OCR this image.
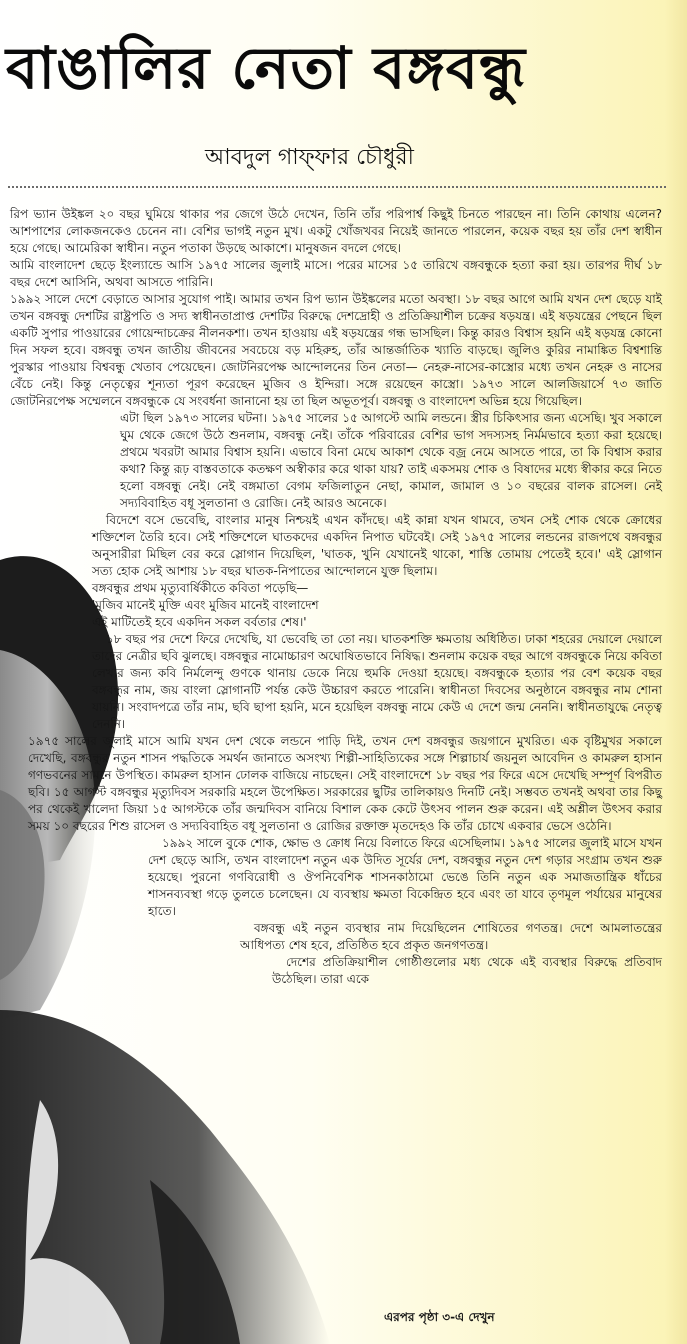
বাঙালির নেতা বঙ্গবন্ধু
আবদুল গাফ্‌ফার চৌধুরী

রিপ ভ্যান উইঙ্কল ২০ বছর ঘুমিয়ে থাকার পর জেগে উঠে দেখেন, তিনি তাঁর পরিপার্শ্ব কিছুই চিনতে পারছেন না। তিনি কোথায় এলেন? আশপাশের লোকজনকেও চেনেন না। বেশির ভাগই নতুন মুখ। একটু খোঁজখবর নিয়েই জানতে পারলেন, কয়েক বছর হয় তাঁর দেশ স্বাধীন হয়ে গেছে। আমেরিকা স্বাধীন। নতুন পতাকা উড়ছে আকাশে। মানুষজন বদলে গেছে।

আমি বাংলাদেশ ছেড়ে ইংল্যান্ডে আসি ১৯৭৫ সালের জুলাই মাসে। পরের মাসের ১৫ তারিখে বঙ্গবন্ধুকে হত্যা করা হয়। তারপর দীর্ঘ ১৮ বছর দেশে আসিনি, অথবা আসতে পারিনি।

১৯৯২ সালে দেশে বেড়াতে আসার সুযোগ পাই। আমার তখন রিপ ভ্যান উইঙ্কলের মতো অবস্থা। ১৮ বছর আগে আমি যখন দেশ ছেড়ে যাই তখন বঙ্গবন্ধু দেশটির রাষ্ট্রপতি ও সদ্য স্বাধীনতাপ্রাপ্ত দেশটির বিরুদ্ধে দেশদ্রোহী ও প্রতিক্রিয়াশীল চক্রের ষড়যন্ত্র। এই ষড়যন্ত্রের পেছনে ছিল একটি সুপার পাওয়ারের গোয়েন্দাচক্রের নীলনকশা। তখন হাওয়ায় এই ষড়যন্ত্রের গন্ধ ভাসছিল। কিন্তু কারও বিশ্বাস হয়নি এই ষড়যন্ত্র কোনো দিন সফল হবে। বঙ্গবন্ধু তখন জাতীয় জীবনের সবচেয়ে বড় মহিরুহ, তাঁর আন্তর্জাতিক খ্যাতি বাড়ছে। জুলিও কুরির নামাঙ্কিত বিশ্বশান্তি পুরস্কার পাওয়ায় বিশ্ববন্ধু খেতাব পেয়েছেন। জোটনিরপেক্ষ আন্দোলনের তিন নেতা— নেহরু-নাসের-কাস্ত্রোর মধ্যে তখন নেহরু ও নাসের বেঁচে নেই। কিন্তু নেতৃত্বের শূন্যতা পূরণ করেছেন মুজিব ও ইন্দিরা। সঙ্গে রয়েছেন কাস্ত্রো। ১৯৭৩ সালে আলজিয়ার্সে ৭৩ জাতি জোটনিরপেক্ষ সম্মেলনে বঙ্গবন্ধুকে যে সংবর্ধনা জানানো হয় তা ছিল অভূতপূর্ব। বঙ্গবন্ধু ও বাংলাদেশ অভিন্ন হয়ে গিয়েছিল।

এটা ছিল ১৯৭৩ সালের ঘটনা। ১৯৭৫ সালের ১৫ আগস্টে আমি লন্ডনে। স্ত্রীর চিকিৎসার জন্য এসেছি। খুব সকালে ঘুম থেকে জেগে উঠে শুনলাম, বঙ্গবন্ধু নেই। তাঁকে পরিবারের বেশির ভাগ সদস্যসহ নির্মমভাবে হত্যা করা হয়েছে। প্রথমে খবরটা আমার বিশ্বাস হয়নি। এভাবে বিনা মেঘে আকাশ থেকে বজ্র নেমে আসতে পারে, তা কি বিশ্বাস করার কথা? কিন্তু রূঢ় বাস্তবতাকে কতক্ষণ অস্বীকার করে থাকা যায়? তাই একসময় শোক ও বিষাদের মধ্যে স্বীকার করে নিতে হলো বঙ্গবন্ধু নেই। নেই বঙ্গমাতা বেগম ফজিলাতুন নেছা, কামাল, জামাল ও ১০ বছরের বালক রাসেল। নেই সদ্যবিবাহিত বধূ সুলতানা ও রোজি। নেই আরও অনেকে।

বিদেশে বসে ভেবেছি, বাংলার মানুষ নিশ্চয়ই এখন কাঁদছে। এই কান্না যখন থামবে, তখন সেই শোক থেকে ক্রোধের শক্তিশেল তৈরি হবে। সেই শক্তিশেলে ঘাতকদের একদিন নিপাত ঘটবেই। সেই ১৯৭৫ সালের লন্ডনের রাজপথে বঙ্গবন্ধুর অনুসারীরা মিছিল বের করে স্লোগান দিয়েছিল, 'ঘাতক, খুনি যেখানেই থাকো, শাস্তি তোমায় পেতেই হবে।' এই স্লোগান সত্য হোক সেই আশায় ১৮ বছর ঘাতক-নিপাতের আন্দোলনে যুক্ত ছিলাম।

বঙ্গবন্ধুর প্রথম মৃত্যুবার্ষিকীতে কবিতা পড়েছি—

'মুজিব মানেই মুক্তি এবং মুজিব মানেই বাংলাদেশ

এই মাটিতেই হবে একদিন সকল বর্বতার শেষ।'

১৮ বছর পর দেশে ফিরে দেখেছি, যা ভেবেছি তা তো নয়। ঘাতকশক্তি ক্ষমতায় অধিষ্ঠিত। ঢাকা শহরের দেয়ালে দেয়ালে তাদের নেত্রীর ছবি ঝুলছে। বঙ্গবন্ধুর নামোচ্চারণ অঘোষিতভাবে নিষিদ্ধ। শুনলাম কয়েক বছর আগে বঙ্গবন্ধুকে নিয়ে কবিতা লেখার জন্য কবি নির্মলেন্দু গুণকে থানায় ডেকে নিয়ে হুমকি দেওয়া হয়েছে। বঙ্গবন্ধুকে হত্যার পর বেশ কয়েক বছর বঙ্গবন্ধুর নাম, জয় বাংলা স্লোগানটি পর্যন্ত কেউ উচ্চারণ করতে পারেনি। স্বাধীনতা দিবসের অনুষ্ঠানে বঙ্গবন্ধুর নাম শোনা যায়নি। সংবাদপত্রে তাঁর নাম, ছবি ছাপা হয়নি, মনে হয়েছিল বঙ্গবন্ধু নামে কেউ এ দেশে জন্ম নেননি। স্বাধীনতাযুদ্ধে নেতৃত্ব দেননি।

১৯৭৫ সালের জুলাই মাসে আমি যখন দেশ থেকে লন্ডনে পাড়ি দিই, তখন দেশ বঙ্গবন্ধুর জয়গানে মুখরিত। এক বৃষ্টিমুখর সকালে দেখেছি, বঙ্গবন্ধুর নতুন শাসন পদ্ধতিকে সমর্থন জানাতে অসংখ্য শিল্পী-সাহিত্যিকের সঙ্গে শিল্পাচার্য জয়নুল আবেদিন ও কামরুল হাসান গণভবনের সামনে উপস্থিত। কামরুল হাসান ঢোলক বাজিয়ে নাচছেন। সেই বাংলাদেশে ১৮ বছর পর ফিরে এসে দেখেছি সম্পূর্ণ বিপরীত ছবি। ১৫ আগস্ট বঙ্গবন্ধুর মৃত্যুদিবস সরকারি মহলে উপেক্ষিত। সরকারের ছুটির তালিকায়ও দিনটি নেই। সম্ভবত তখনই অথবা তার কিছু পর থেকেই খালেদা জিয়া ১৫ আগস্টকে তাঁর জন্মদিবস বানিয়ে বিশাল কেক কেটে উৎসব পালন শুরু করেন। এই অশ্লীল উৎসব করার সময় ১০ বছরের শিশু রাসেল ও সদ্যবিবাহিত বধূ সুলতানা ও রোজির রক্তাক্ত মৃতদেহও কি তাঁর চোখে একবার ভেসে ওঠেনি।

১৯৯২ সালে বুকে শোক, ক্ষোভ ও ক্রোধ নিয়ে বিলাতে ফিরে এসেছিলাম। ১৯৭৫ সালের জুলাই মাসে যখন দেশ ছেড়ে আসি, তখন বাংলাদেশ নতুন এক উদিত সূর্যের দেশ, বঙ্গবন্ধুর নতুন দেশ গড়ার সংগ্রাম তখন শুরু হয়েছে। পুরনো গণবিরোধী ও ঔপনিবেশিক শাসনকাঠামো ভেঙে তিনি নতুন এক সমাজতান্ত্রিক ধাঁচের শাসনব্যবস্থা গড়ে তুলতে চলেছেন। যে ব্যবস্থায় ক্ষমতা বিকেন্দ্রিত হবে এবং তা যাবে তৃণমূল পর্যায়ের মানুষের হাতে।

বঙ্গবন্ধু এই নতুন ব্যবস্থার নাম দিয়েছিলেন শোষিতের গণতন্ত্র। দেশে আমলাতন্ত্রের আধিপত্য শেষ হবে, প্রতিষ্ঠিত হবে প্রকৃত জনগণতন্ত্র।

দেশের প্রতিক্রিয়াশীল গোষ্ঠীগুলোর মধ্য থেকে এই ব্যবস্থার বিরুদ্ধে প্রতিবাদ উঠেছিল। তারা একে

এরপর পৃষ্ঠা ৩-এ দেখুন
